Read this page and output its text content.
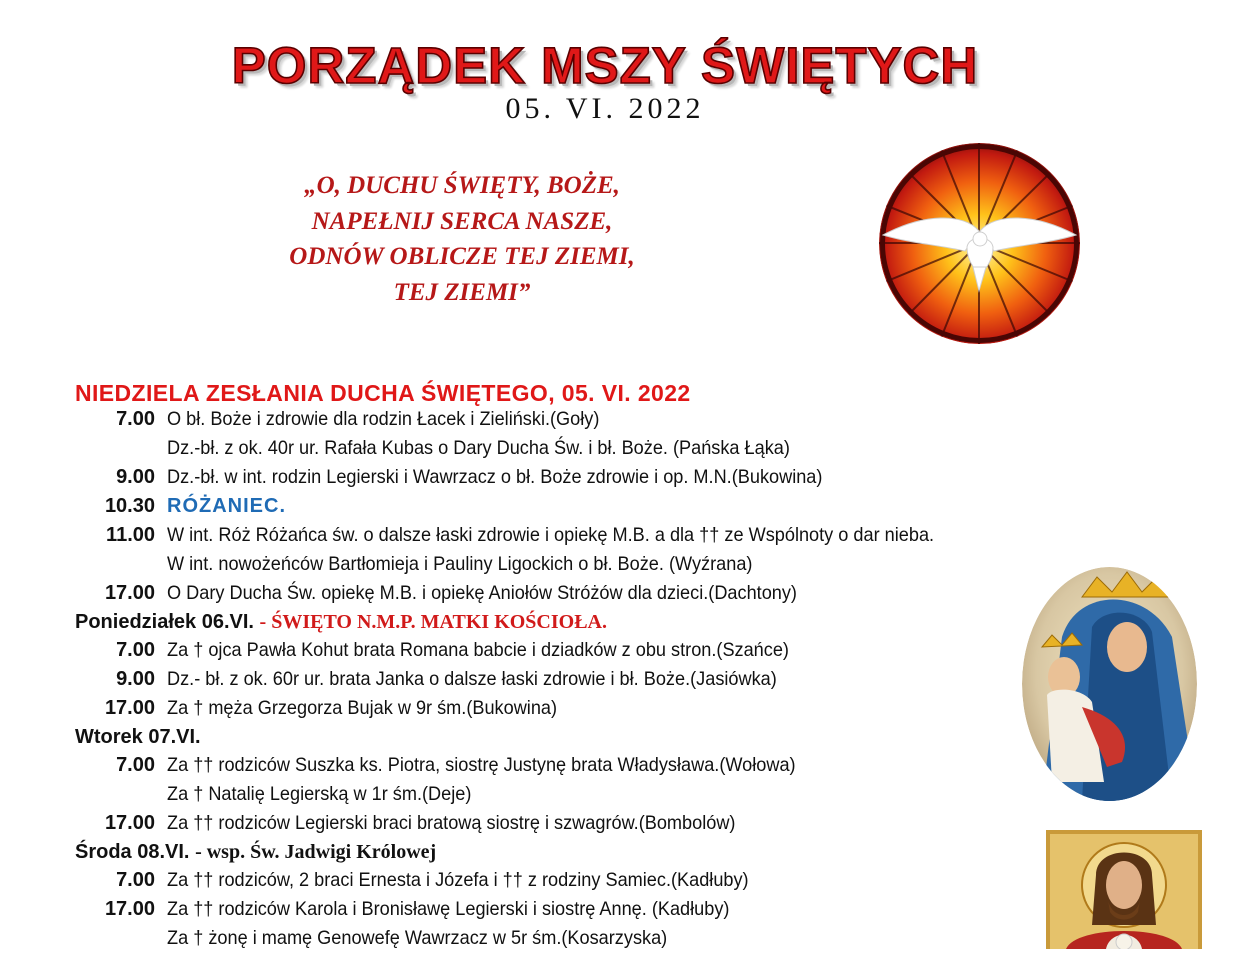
PORZĄDEK MSZY ŚWIĘTYCH
05. VI. 2022
„O, DUCHU ŚWIĘTY, BOŻE,
NAPEŁNIJ SERCA NASZE,
ODNÓW OBLICZE TEJ ZIEMI,
TEJ ZIEMI”
NIEDZIELA ZESŁANIA DUCHA ŚWIĘTEGO, 05. VI. 2022
7.00 O bł. Boże i zdrowie dla rodzin Łacek i Zieliński.(Goły)
Dz.-bł. z ok. 40r ur. Rafała Kubas o Dary Ducha Św. i bł. Boże. (Pańska Łąka)
9.00 Dz.-bł. w int. rodzin Legierski i Wawrzacz o bł. Boże zdrowie i op. M.N.(Bukowina)
10.30 RÓŻANIEC.
11.00 W int. Róż Różańca św. o dalsze łaski zdrowie i opiekę M.B. a dla †† ze Wspólnoty o dar nieba.
W int. nowożeńców Bartłomieja i Pauliny Ligockich o bł. Boże. (Wyźrana)
17.00 O Dary Ducha Św. opiekę M.B. i opiekę Aniołów Stróżów dla dzieci.(Dachtony)
Poniedziałek 06.VI. - ŚWIĘTO N.M.P. MATKI KOŚCIOŁA.
7.00 Za † ojca Pawła Kohut brata Romana babcie i dziadków z obu stron.(Szańce)
9.00 Dz.- bł. z ok. 60r ur. brata Janka o dalsze łaski zdrowie i bł. Boże.(Jasiówka)
17.00 Za † męża Grzegorza Bujak w 9r śm.(Bukowina)
Wtorek 07.VI.
7.00 Za †† rodziców Suszka ks. Piotra, siostrę Justynę brata Władysława.(Wołowa)
Za † Natalię Legierską w 1r śm.(Deje)
17.00 Za †† rodziców Legierski braci bratową siostrę i szwagrów.(Bombolów)
Środa 08.VI. - wsp. Św. Jadwigi Królowej
7.00 Za †† rodziców, 2 braci Ernesta i Józefa i †† z rodziny Samiec.(Kadłuby)
17.00 Za †† rodziców Karola i Bronisławę Legierski i siostrę Annę. (Kadłuby)
Za † żonę i mamę Genowefę Wawrzacz w 5r śm.(Kosarzyska)
